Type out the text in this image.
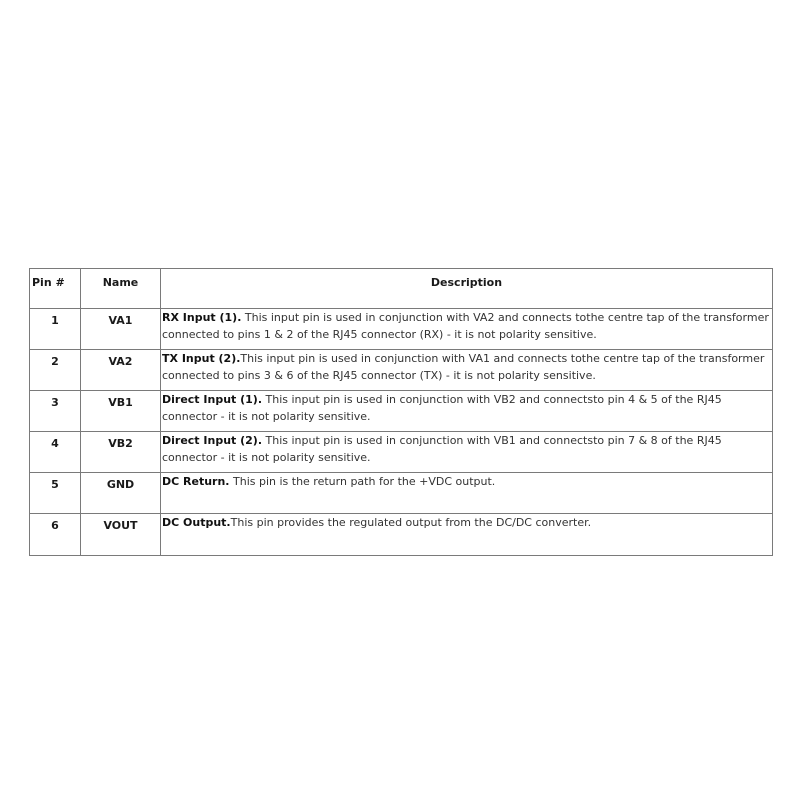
Pin #	Name	Description
1	VA1	RX Input (1). This input pin is used in conjunction with VA2 and connects tothe centre tap of the transformer connected to pins 1 & 2 of the RJ45 connector (RX) - it is not polarity sensitive.
2	VA2	TX Input (2).This input pin is used in conjunction with VA1 and connects tothe centre tap of the transformer connected to pins 3 & 6 of the RJ45 connector (TX) - it is not polarity sensitive.
3	VB1	Direct Input (1). This input pin is used in conjunction with VB2 and connectsto pin 4 & 5 of the RJ45 connector - it is not polarity sensitive.
4	VB2	Direct Input (2). This input pin is used in conjunction with VB1 and connectsto pin 7 & 8 of the RJ45 connector - it is not polarity sensitive.
5	GND	DC Return. This pin is the return path for the +VDC output.
6	VOUT	DC Output.This pin provides the regulated output from the DC/DC converter.
